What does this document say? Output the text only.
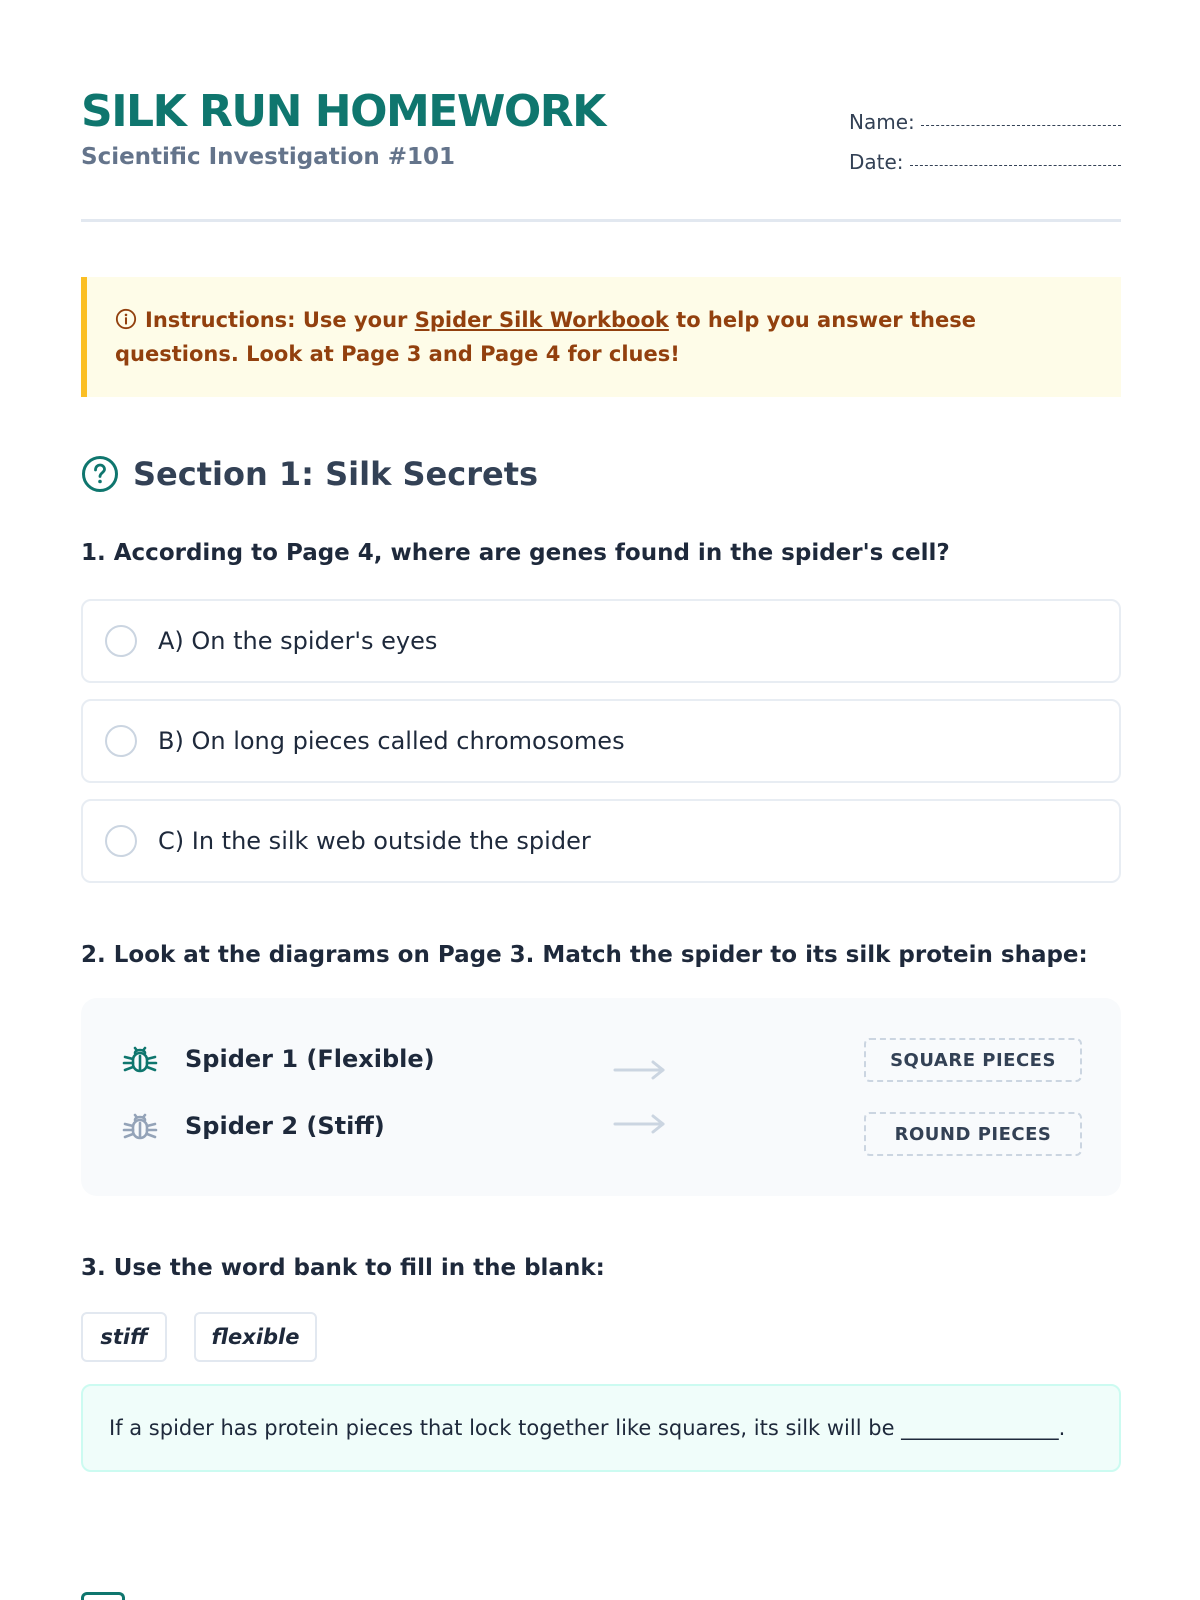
SILK RUN HOMEWORK
Scientific Investigation #101
Name:
Date:
Instructions: Use your Spider Silk Workbook to help you answer these questions. Look at Page 3 and Page 4 for clues!
Section 1: Silk Secrets
1. According to Page 4, where are genes found in the spider's cell?
A) On the spider's eyes
B) On long pieces called chromosomes
C) In the silk web outside the spider
2. Look at the diagrams on Page 3. Match the spider to its silk protein shape:
Spider 1 (Flexible)
Spider 2 (Stiff)
SQUARE PIECES
ROUND PIECES
3. Use the word bank to fill in the blank:
stiff	flexible
If a spider has protein pieces that lock together like squares, its silk will be _______________.
